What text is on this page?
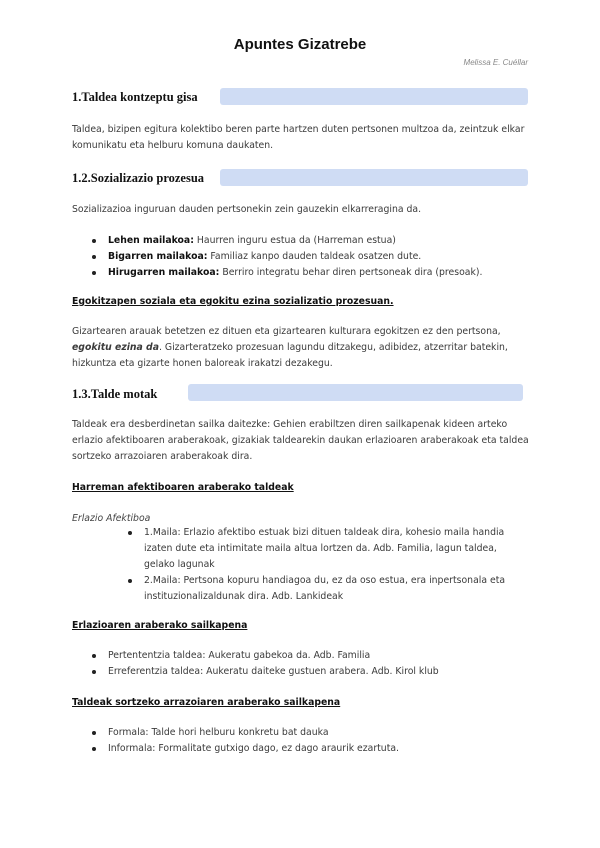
Apuntes Gizatrebe
Melissa E. Cuéllar
1.Taldea kontzeptu gisa

Taldea, bizipen egitura kolektibo beren parte hartzen duten pertsonen multzoa da, zeintzuk elkar komunikatu eta helburu komuna daukaten.

1.2.Sozializazio prozesua

Sozializazioa inguruan dauden pertsonekin zein gauzekin elkarreragina da.

Lehen mailakoa: Haurren inguru estua da (Harreman estua)
Bigarren mailakoa: Familiaz kanpo dauden taldeak osatzen dute.
Hirugarren mailakoa: Berriro integratu behar diren pertsoneak dira (presoak).
Egokitzapen soziala eta egokitu ezina sozializatio prozesuan.

Gizartearen arauak betetzen ez dituen eta gizartearen kulturara egokitzen ez den pertsona, egokitu ezina da. Gizarteratzeko prozesuan lagundu ditzakegu, adibidez, atzerritar batekin, hizkuntza eta gizarte honen baloreak irakatzi dezakegu.

1.3.Talde motak

Taldeak era desberdinetan sailka daitezke: Gehien erabiltzen diren sailkapenak kideen arteko erlazio afektiboaren araberakoak, gizakiak taldearekin daukan erlazioaren araberakoak eta taldea sortzeko arrazoiaren araberakoak dira.

Harreman afektiboaren araberako taldeak
Erlazio Afektiboa
1.Maila: Erlazio afektibo estuak bizi dituen taldeak dira, kohesio maila handia izaten dute eta intimitate maila altua lortzen da. Adb. Familia, lagun taldea, gelako lagunak
2.Maila: Pertsona kopuru handiagoa du, ez da oso estua, era inpertsonala eta instituzionalizaldunak dira. Adb. Lankideak
Erlazioaren araberako sailkapena
Pertententzia taldea: Aukeratu gabekoa da. Adb. Familia
Erreferentzia taldea: Aukeratu daiteke gustuen arabera. Adb. Kirol klub
Taldeak sortzeko arrazoiaren araberako sailkapena
Formala: Talde hori helburu konkretu bat dauka
Informala: Formalitate gutxigo dago, ez dago araurik ezartuta.
